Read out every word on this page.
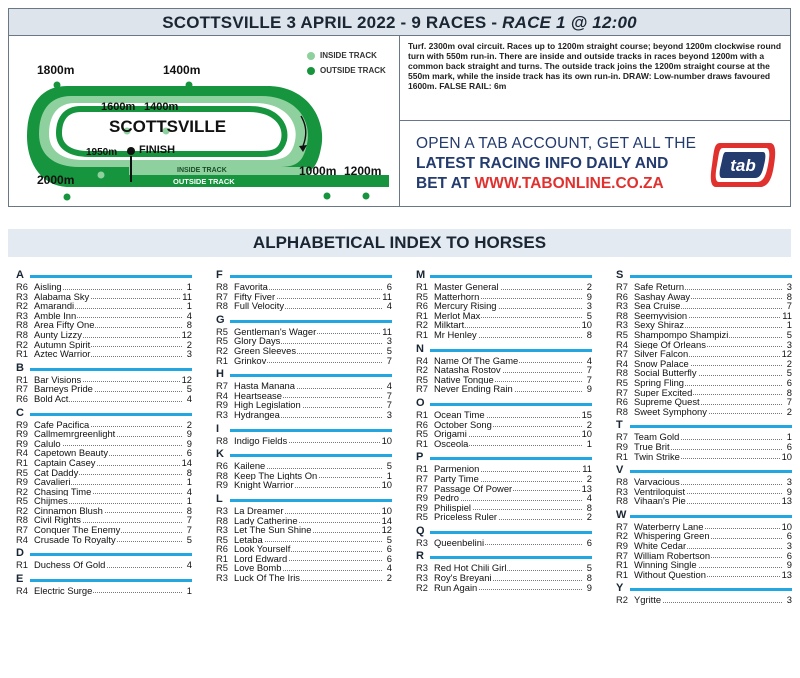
SCOTTSVILLE 3 APRIL 2022 - 9 RACES - RACE 1 @ 12:00
INSIDE TRACK
OUTSIDE TRACK
1800m	1400m
1600m 1400m
SCOTTSVILLE
FINISH
1950m
2000m
1000m 1200m
INSIDE TRACK
OUTSIDE TRACK
Turf. 2300m oval circuit. Races up to 1200m straight course; beyond 1200m clockwise round turn with 550m run-in. There are inside and outside tracks in races beyond 1200m with a common back straight and turns. The outside track joins the 1200m straight course at the 550m mark, while the inside track has its own run-in. DRAW: Low-number draws favoured 1600m. FALSE RAIL: 6m
OPEN A TAB ACCOUNT, GET ALL THE
LATEST RACING INFO DAILY AND
BET AT WWW.TABONLINE.CO.ZA
tab
ALPHABETICAL INDEX TO HORSES
A
R6 Aisling	1
R3 Alabama Sky	11
R2 Amarandi	1
R3 Amble Inn	4
R8 Area Fifty One	8
R8 Aunty Lizzy	12
R2 Autumn Spirit	2
R1 Aztec Warrior	3
B
R1 Bar Visions	12
R7 Barneys Pride	5
R6 Bold Act	4
C
R9 Cafe Pacifica	2
R9 Callmemrgreenlight	9
R9 Calulo	9
R4 Capetown Beauty	6
R1 Captain Casey	14
R5 Cat Daddy	8
R9 Cavalieri	1
R2 Chasing Time	4
R5 Chijmes	1
R2 Cinnamon Blush	8
R8 Civil Rights	7
R7 Conquer The Enemy	7
R4 Crusade To Royalty	5
D
R1 Duchess Of Gold	4
E
R4 Electric Surge	1
F
R8 Favorita	6
R7 Fifty Fiver	11
R8 Full Velocity	4
G
R5 Gentleman's Wager	11
R5 Glory Days	3
R2 Green Sleeves	5
R1 Grinkov	7
H
R7 Hasta Manana	4
R4 Heartsease	7
R9 High Legislation	7
R3 Hydrangea	3
I
R8 Indigo Fields	10
K
R6 Kailene	5
R8 Keep The Lights On	1
R9 Knight Warrior	10
L
R3 La Dreamer	10
R8 Lady Catherine	14
R3 Let The Sun Shine	12
R5 Letaba	5
R6 Look Yourself	6
R1 Lord Edward	6
R5 Love Bomb	4
R3 Luck Of The Iris	2
M
R1 Master General	2
R5 Matterhorn	9
R6 Mercury Rising	3
R1 Merlot Max	5
R2 Milktart	10
R1 Mr Henley	8
N
R4 Name Of The Game	4
R2 Natasha Rostov	7
R5 Native Tongue	7
R7 Never Ending Rain	9
O
R1 Ocean Time	15
R6 October Song	2
R5 Origami	10
R1 Osceola	1
P
R1 Parmenion	11
R7 Party Time	2
R7 Passage Of Power	13
R9 Pedro	4
R9 Philispiel	8
R5 Priceless Ruler	2
Q
R3 Queenbelini	6
R
R3 Red Hot Chili Girl	5
R3 Roy's Breyani	8
R2 Run Again	9
S
R7 Safe Return	3
R6 Sashay Away	8
R3 Sea Cruise	7
R8 Seemyvision	11
R3 Sexy Shiraz	1
R5 Shampompo Shampizi	5
R4 Siege Of Orleans	3
R7 Silver Falcon	12
R4 Snow Palace	2
R8 Social Butterfly	5
R5 Spring Fling	6
R7 Super Excited	8
R6 Supreme Quest	7
R8 Sweet Symphony	2
T
R7 Team Gold	1
R9 True Brit	6
R1 Twin Strike	10
V
R8 Varvacious	3
R3 Ventriloquist	9
R8 Vihaan's Pie	13
W
R7 Waterberry Lane	10
R2 Whispering Green	6
R9 White Cedar	3
R7 William Robertson	6
R1 Winning Single	9
R1 Without Question	13
Y
R2 Ygritte	3
